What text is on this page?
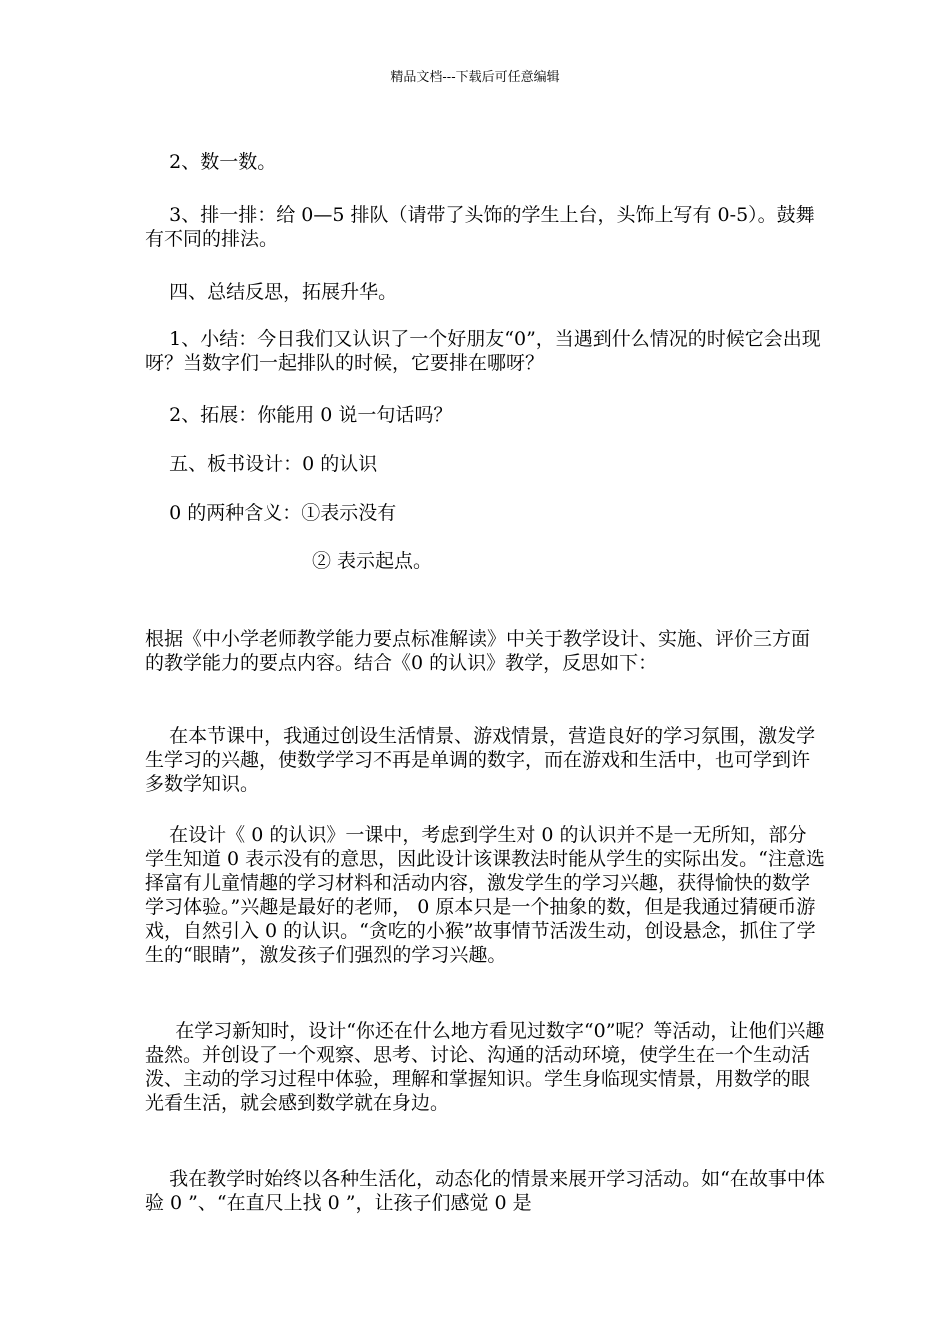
精品文档---下载后可任意编辑

2、数一数。

3、排一排：给 0—5 排队（请带了头饰的学生上台，头饰上写有 0-5）。鼓舞有不同的排法。

四、总结反思，拓展升华。

1、小结：今日我们又认识了一个好朋友“0”，当遇到什么情况的时候它会出现呀？当数字们一起排队的时候，它要排在哪呀？

2、拓展：你能用 0 说一句话吗？

五、板书设计：0 的认识

0 的两种含义：①表示没有

② 表示起点。

根据《中小学老师教学能力要点标准解读》中关于教学设计、实施、评价三方面的教学能力的要点内容。结合《0 的认识》教学，反思如下：

在本节课中，我通过创设生活情景、游戏情景，营造良好的学习氛围，激发学生学习的兴趣，使数学学习不再是单调的数字，而在游戏和生活中，也可学到许多数学知识。

在设计《 0 的认识》一课中，考虑到学生对 0 的认识并不是一无所知，部分学生知道 0 表示没有的意思，因此设计该课教法时能从学生的实际出发。“注意选择富有儿童情趣的学习材料和活动内容，激发学生的学习兴趣，获得愉快的数学学习体验。”兴趣是最好的老师， 0 原本只是一个抽象的数，但是我通过猜硬币游戏，自然引入 0 的认识。“贪吃的小猴”故事情节活泼生动，创设悬念，抓住了学生的“眼睛”，激发孩子们强烈的学习兴趣。

在学习新知时，设计“你还在什么地方看见过数字“0”呢？等活动，让他们兴趣盎然。并创设了一个观察、思考、讨论、沟通的活动环境，使学生在一个生动活泼、主动的学习过程中体验，理解和掌握知识。学生身临现实情景，用数学的眼光看生活，就会感到数学就在身边。

我在教学时始终以各种生活化，动态化的情景来展开学习活动。如“在故事中体验 0 ”、“在直尺上找 0 ”，让孩子们感觉 0 是
